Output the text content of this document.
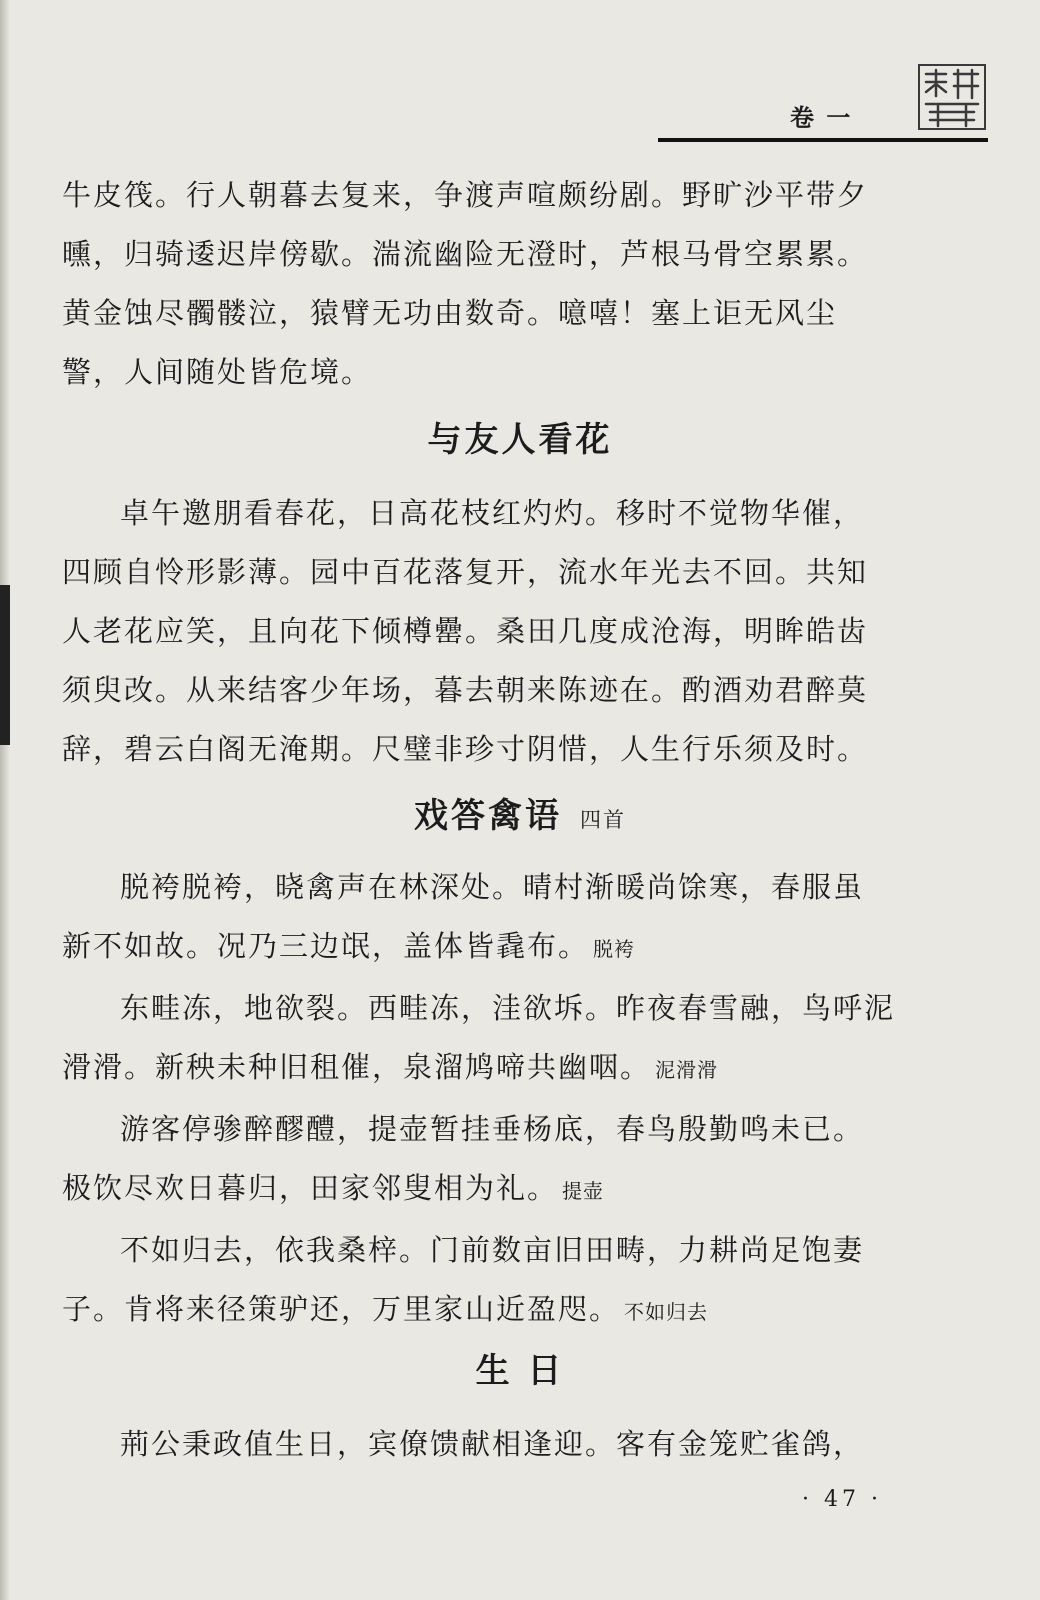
卷 一

牛皮筏。行人朝暮去复来，争渡声喧颇纷剧。野旷沙平带夕

曛，归骑逶迟岸傍歇。湍流幽险无澄时，芦根马骨空累累。

黄金蚀尽髑髅泣，猿臂无功由数奇。噫嘻！塞上讵无风尘

警，人间随处皆危境。

与友人看花

卓午邀朋看春花，日高花枝红灼灼。移时不觉物华催，

四顾自怜形影薄。园中百花落复开，流水年光去不回。共知

人老花应笑，且向花下倾樽罍。桑田几度成沧海，明眸皓齿

须臾改。从来结客少年场，暮去朝来陈迹在。酌酒劝君醉莫

辞，碧云白阁无淹期。尺璧非珍寸阴惜，人生行乐须及时。

戏答禽语 四首

脱袴脱袴，晓禽声在林深处。晴村渐暖尚馀寒，春服虽

新不如故。况乃三边氓，盖体皆毳布。 脱袴

东畦冻，地欲裂。西畦冻，洼欲坼。昨夜春雪融，鸟呼泥

滑滑。新秧未种旧租催，泉溜鸠啼共幽咽。 泥滑滑

游客停骖醉醪醴，提壶暂挂垂杨底，春鸟殷勤鸣未已。

极饮尽欢日暮归，田家邻叟相为礼。 提壶

不如归去，依我桑梓。门前数亩旧田畴，力耕尚足饱妻

子。肯将来径策驴还，万里家山近盈咫。 不如归去

生 日

荊公秉政值生日，宾僚馈献相逢迎。客有金笼贮雀鸽，

· 47 ·
